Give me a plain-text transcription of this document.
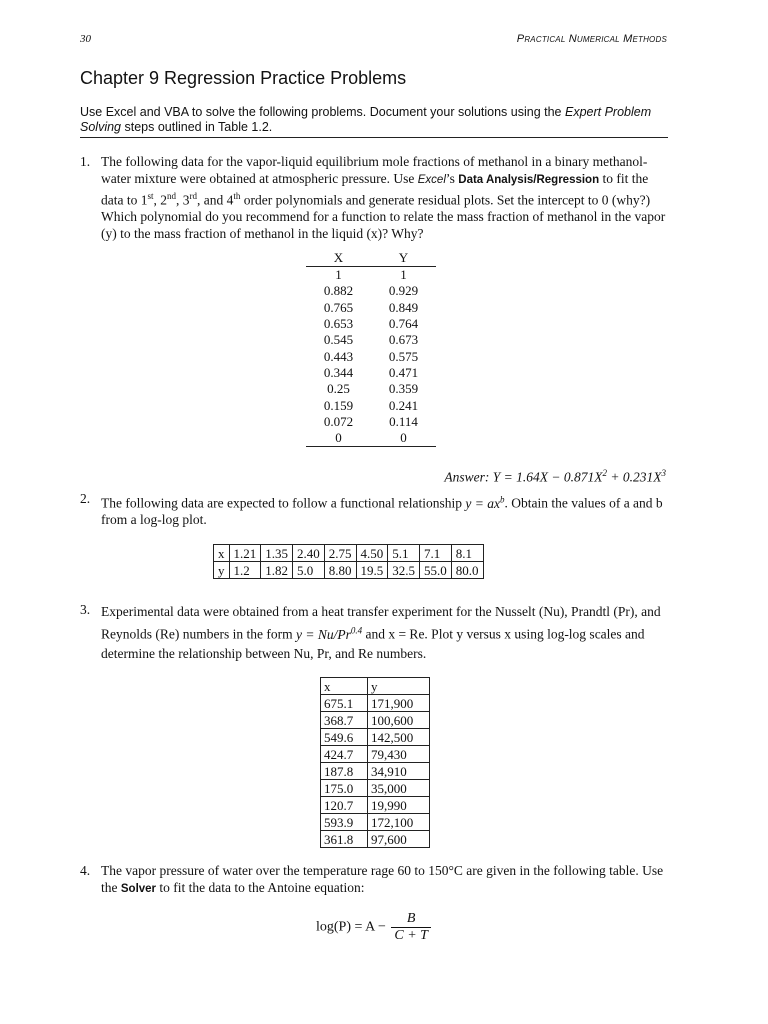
30	Practical Numerical Methods
Chapter 9 Regression Practice Problems
Use Excel and VBA to solve the following problems. Document your solutions using the Expert Problem Solving steps outlined in Table 1.2.
1. The following data for the vapor-liquid equilibrium mole fractions of methanol in a binary methanol-water mixture were obtained at atmospheric pressure. Use Excel’s Data Analysis/Regression to fit the data to 1st, 2nd, 3rd, and 4th order polynomials and generate residual plots. Set the intercept to 0 (why?) Which polynomial do you recommend for a function to relate the mass fraction of methanol in the vapor (y) to the mass fraction of methanol in the liquid (x)? Why?
X	Y
1	1
0.882	0.929
0.765	0.849
0.653	0.764
0.545	0.673
0.443	0.575
0.344	0.471
0.25	0.359
0.159	0.241
0.072	0.114
0	0
Answer: $Y = 1.64X - 0.871X^2 + 0.231X^3$
2. The following data are expected to follow a functional relationship $y = ax^b$. Obtain the values of a and b from a log-log plot.
x	1.21	1.35	2.40	2.75	4.50	5.1	7.1	8.1
y	1.2	1.82	5.0	8.80	19.5	32.5	55.0	80.0
3. Experimental data were obtained from a heat transfer experiment for the Nusselt (Nu), Prandtl (Pr), and Reynolds (Re) numbers in the form $y = Nu/Pr^{0.4}$ and x = Re. Plot y versus x using log-log scales and determine the relationship between Nu, Pr, and Re numbers.
x	y
675.1	171,900
368.7	100,600
549.6	142,500
424.7	79,430
187.8	34,910
175.0	35,000
120.7	19,990
593.9	172,100
361.8	97,600
4. The vapor pressure of water over the temperature rage 60 to 150°C are given in the following table. Use the Solver to fit the data to the Antoine equation:
$\log(P) = A - \frac{B}{C + T}$
